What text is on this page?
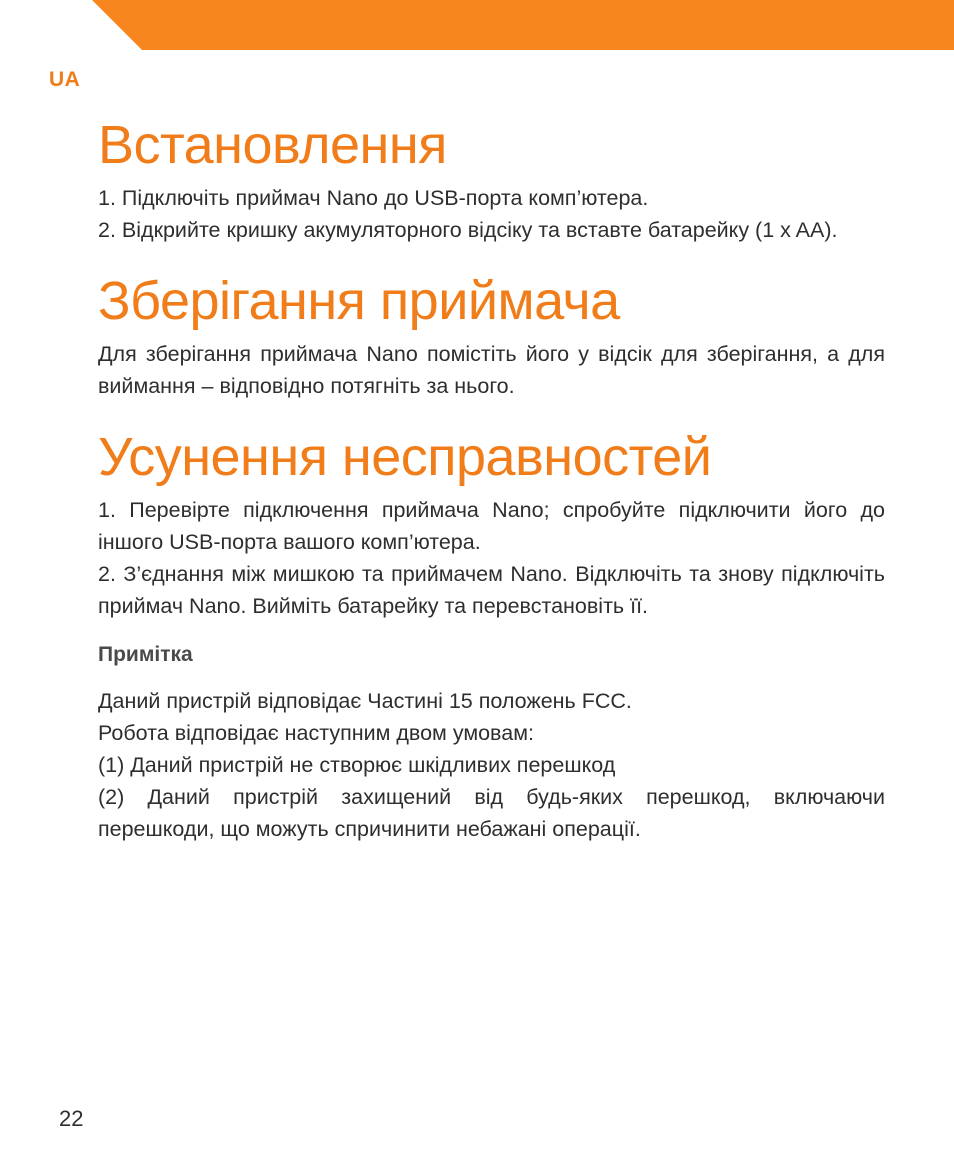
UA
Встановлення

1. Підключіть приймач Nano до USB-порта комп’ютера.

2. Відкрийте кришку акумуляторного відсіку та вставте батарейку (1 x AA).

Зберігання приймача

Для зберігання приймача Nano помістіть його у відсік для зберігання, а для виймання – відповідно потягніть за нього.

Усунення несправностей

1. Перевірте підключення приймача Nano; спробуйте підключити його до іншого USB-порта вашого комп’ютера.

2. З’єднання між мишкою та приймачем Nano. Відключіть та знову підключіть приймач Nano. Вийміть батарейку та перевстановіть її.

Примітка

Даний пристрій відповідає Частині 15 положень FCC.

Робота відповідає наступним двом умовам:

(1) Даний пристрій не створює шкідливих перешкод

(2) Даний пристрій захищений від будь-яких перешкод, включаючи перешкоди, що можуть спричинити небажані операції.

22
